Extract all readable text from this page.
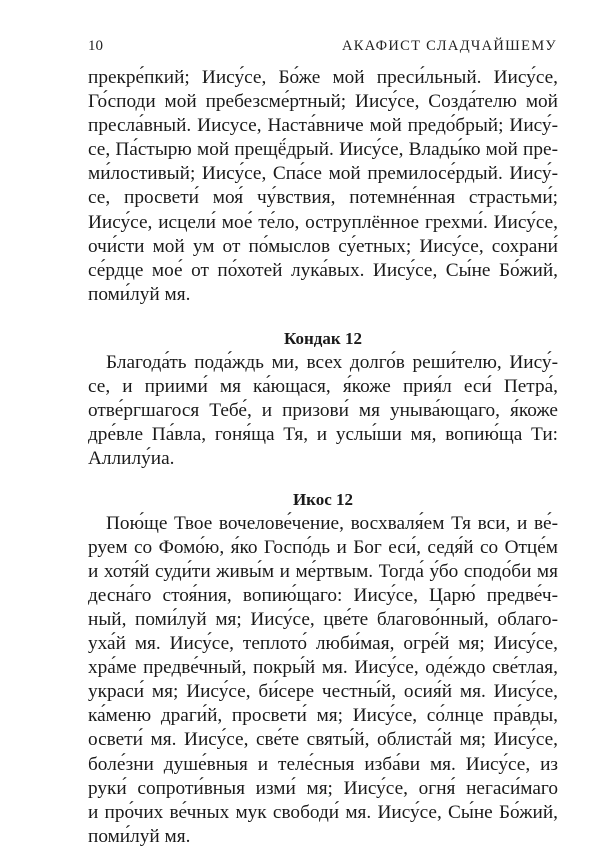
10	АКАФИСТ СЛАДЧАЙШЕМУ
прекре́пкий; Иису́се, Бо́же мой преси́льный. Иису́се,
Го́споди мой пребезсме́ртный; Иису́се, Созда́телю мой
пресла́вный. Иисусе, Наста́вниче мой предо́брый; Иису́-
се, Па́стырю мой прещё́дрый. Иису́се, Влады́ко мой пре-
ми́лостивый; Иису́се, Спа́се мой премилосе́рдый. Иису́-
се, просвети́ моя́ чу́вствия, потемне́нная страстьми́;
Иису́се, исцели́ мое́ те́ло, оструплённое грехми́. Иису́се,
очи́сти мой ум от по́мыслов су́етных; Иису́се, сохрани́
се́рдце мое́ от по́хотей лука́вых. Иису́се, Сы́не Бо́жий,
поми́луй мя.
Кондак 12
Благода́ть пода́ждь ми, всех долго́в реши́телю, Иису́-
се, и приими́ мя ка́ющася, я́коже прия́л еси́ Петра́,
отве́ргшагося Тебе́, и призови́ мя уныва́ющаго, я́коже
дре́вле Па́вла, гоня́ща Тя, и услы́ши мя, вопию́ща Ти:
Аллилу́иа.
Икос 12
Пою́ще Твое вочелове́чение, восхваля́ем Тя вси, и ве́-
руем со Фомо́ю, я́ко Госпо́дь и Бог еси́, седя́й со Отце́м
и хотя́й суди́ти живы́м и ме́ртвым. Тогда́ у́бо сподо́би мя
десна́го стоя́ния, вопию́щаго: Иису́се, Царю́ предве́ч-
ный, поми́луй мя; Иису́се, цве́те благово́нный, облаго-
уха́й мя. Иису́се, теплото́ люби́мая, огре́й мя; Иису́се,
хра́ме предве́чный, покры́й мя. Иису́се, оде́ждо све́тлая,
украси́ мя; Иису́се, би́сере честны́й, осия́й мя. Иису́се,
ка́меню драги́й, просвети́ мя; Иису́се, со́лнце пра́вды,
освети́ мя. Иису́се, све́те святы́й, облиста́й мя; Иису́се,
боле́зни душе́вныя и теле́сныя изба́ви мя. Иису́се, из
руки́ сопроти́вныя изми́ мя; Иису́се, огня́ негаси́маго
и про́чих ве́чных мук свободи́ мя. Иису́се, Сы́не Бо́жий,
поми́луй мя.
